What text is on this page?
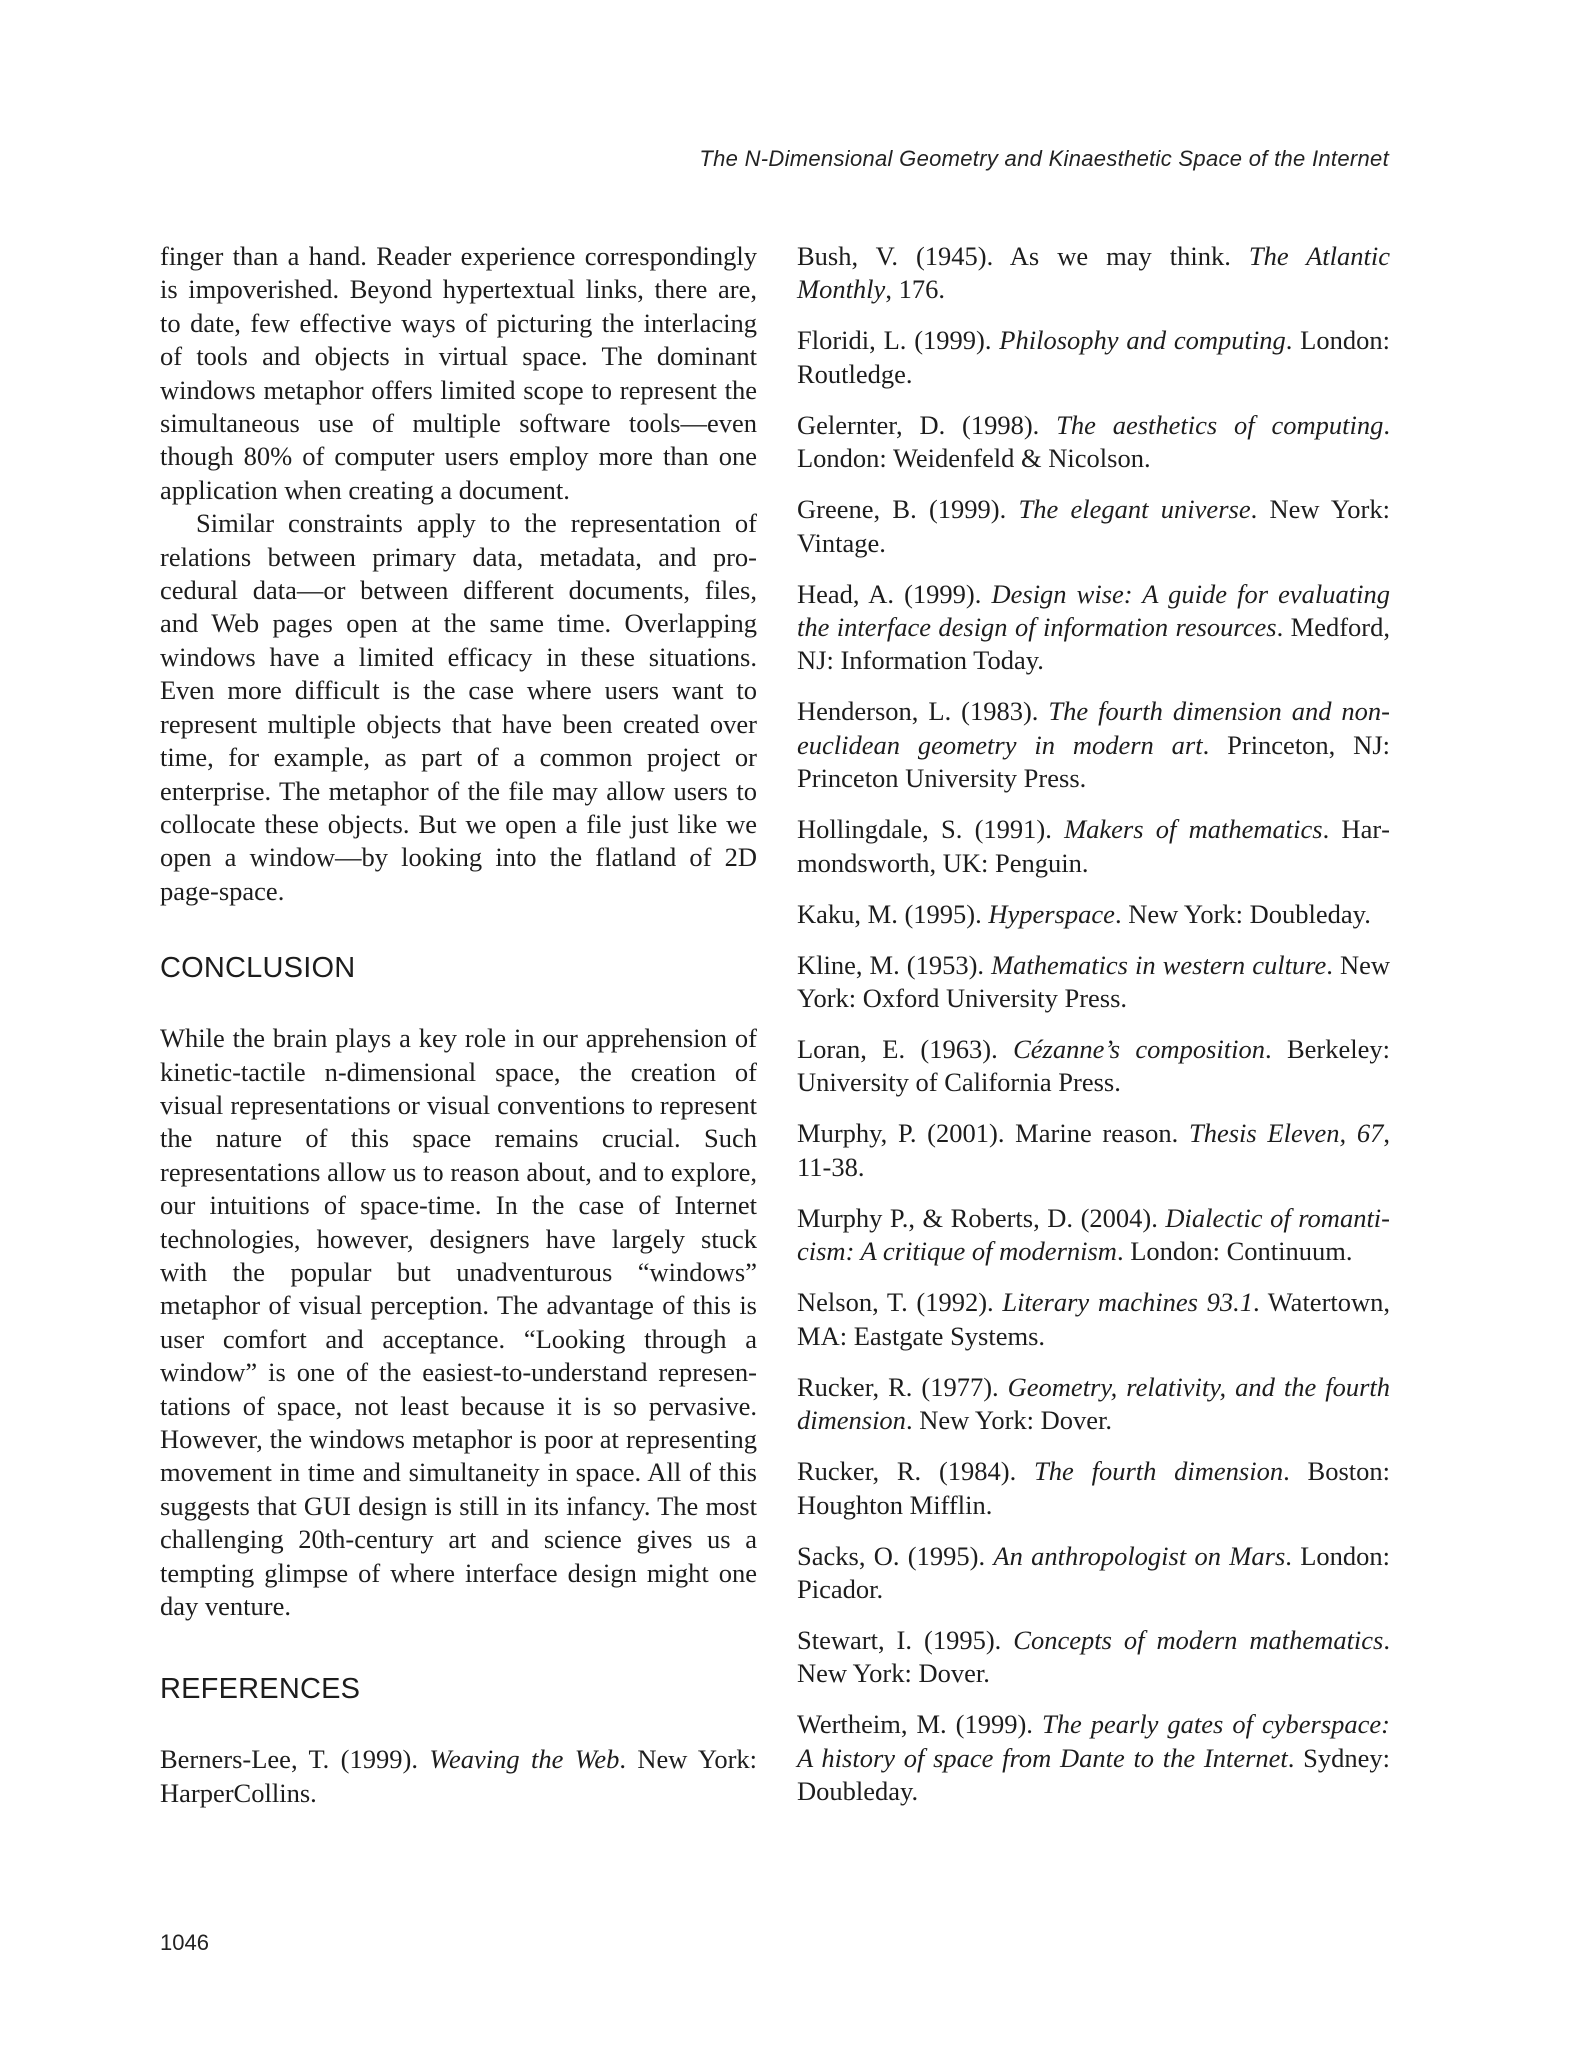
The N-Dimensional Geometry and Kinaesthetic Space of the Internet

finger than a hand. Reader experience correspondingly is impoverished. Beyond hypertextual links, there are, to date, few effective ways of picturing the interlacing of tools and objects in virtual space. The dominant windows metaphor offers limited scope to represent the simultaneous use of multiple software tools—even though 80% of computer users employ more than one application when creating a document.

Similar constraints apply to the representation of relations between primary data, metadata, and procedural data—or between different documents, files, and Web pages open at the same time. Overlapping windows have a limited efficacy in these situations. Even more difficult is the case where users want to represent multiple objects that have been created over time, for example, as part of a common project or enterprise. The metaphor of the file may allow users to collocate these objects. But we open a file just like we open a window—by looking into the flatland of 2D page-space.

CONCLUSION

While the brain plays a key role in our apprehension of kinetic-tactile n-dimensional space, the creation of visual representations or visual conventions to represent the nature of this space remains crucial. Such representations allow us to reason about, and to explore, our intuitions of space-time. In the case of Internet technologies, however, designers have largely stuck with the popular but unadventurous “windows” metaphor of visual perception. The advantage of this is user comfort and acceptance. “Looking through a window” is one of the easiest-to-understand representations of space, not least because it is so pervasive. However, the windows metaphor is poor at representing movement in time and simultaneity in space. All of this suggests that GUI design is still in its infancy. The most challenging 20th-century art and science gives us a tempting glimpse of where interface design might one day venture.

REFERENCES

Berners-Lee, T. (1999). Weaving the Web. New York: HarperCollins.

Bush, V. (1945). As we may think. The Atlantic Monthly, 176.

Floridi, L. (1999). Philosophy and computing. London: Routledge.

Gelernter, D. (1998). The aesthetics of computing. London: Weidenfeld & Nicolson.

Greene, B. (1999). The elegant universe. New York: Vintage.

Head, A. (1999). Design wise: A guide for evaluating the interface design of information resources. Medford, NJ: Information Today.

Henderson, L. (1983). The fourth dimension and non-euclidean geometry in modern art. Princeton, NJ: Princeton University Press.

Hollingdale, S. (1991). Makers of mathematics. Harmondsworth, UK: Penguin.

Kaku, M. (1995). Hyperspace. New York: Doubleday.

Kline, M. (1953). Mathematics in western culture. New York: Oxford University Press.

Loran, E. (1963). Cézanne’s composition. Berkeley: University of California Press.

Murphy, P. (2001). Marine reason. Thesis Eleven, 67, 11-38.

Murphy P., & Roberts, D. (2004). Dialectic of romanticism: A critique of modernism. London: Continuum.

Nelson, T. (1992). Literary machines 93.1. Watertown, MA: Eastgate Systems.

Rucker, R. (1977). Geometry, relativity, and the fourth dimension. New York: Dover.

Rucker, R. (1984). The fourth dimension. Boston: Houghton Mifflin.

Sacks, O. (1995). An anthropologist on Mars. London: Picador.

Stewart, I. (1995). Concepts of modern mathematics. New York: Dover.

Wertheim, M. (1999). The pearly gates of cyberspace: A history of space from Dante to the Internet. Sydney: Doubleday.

1046
